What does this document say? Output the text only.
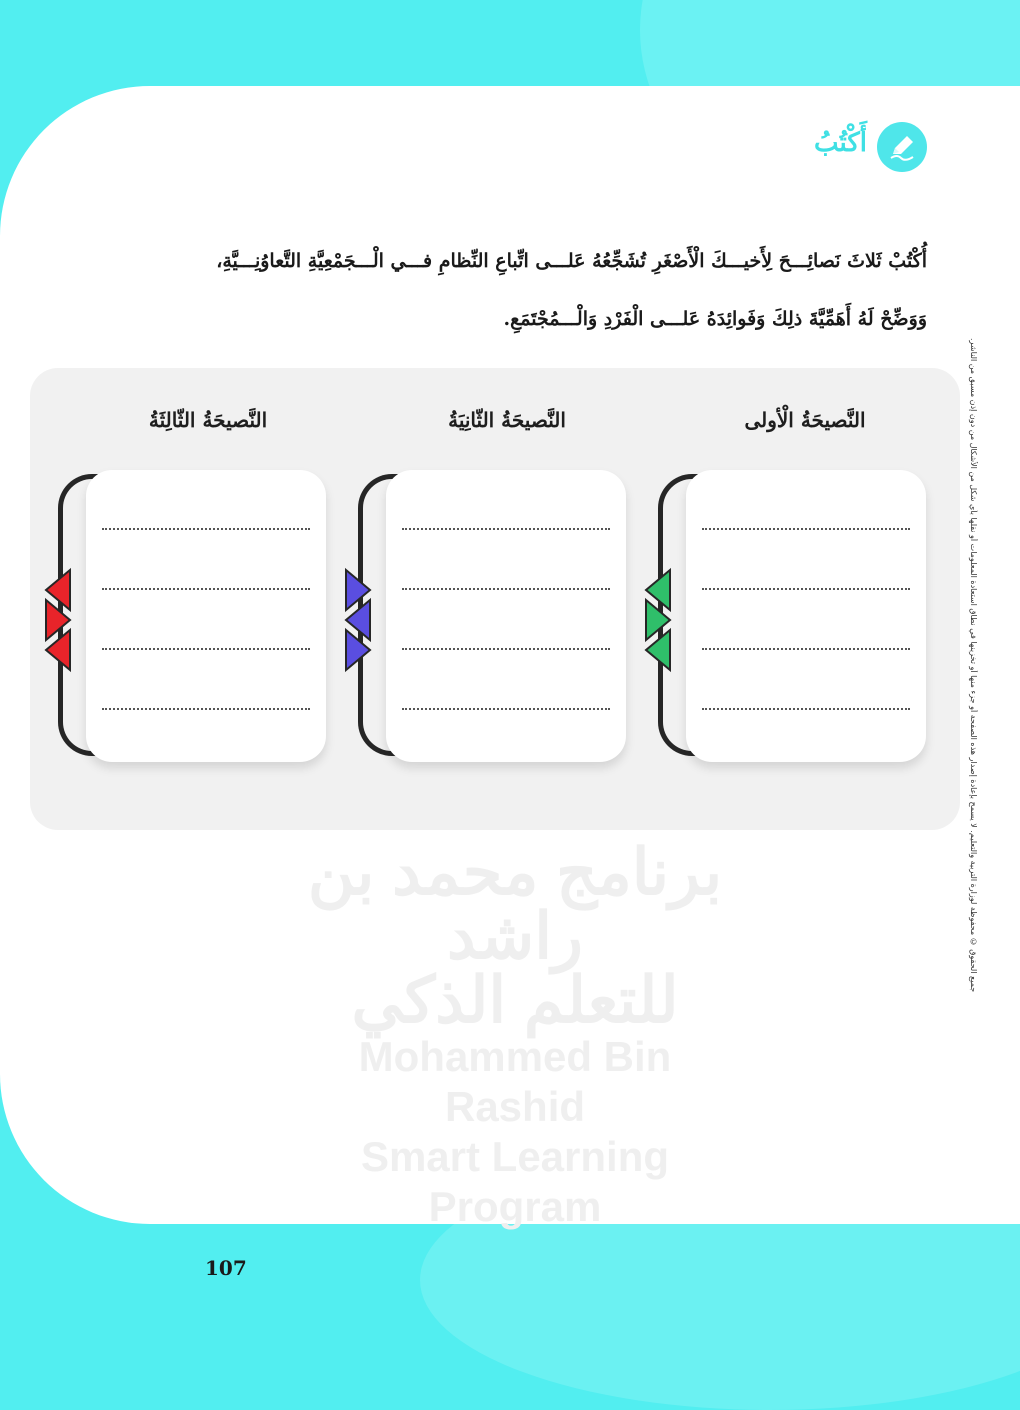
أَكْتُبُ
أُكْتُبْ ثَلاثَ نَصائِـــحَ لِأَخيـــكَ الْأَصْغَرِ تُشَجِّعُهُ عَلـــى اتِّباعِ النِّظامِ فـــي الْـــجَمْعِيَّةِ التَّعاوُنِـــيَّةِ،
وَوَضِّحْ لَهُ أَهَمِّيَّةَ ذلِكَ وَفَوائِدَهُ عَلـــى الْفَرْدِ وَالْـــمُجْتَمَعِ.
برنامج محمد بن راشد
للتعلم الذكي
Mohammed Bin Rashid
Smart Learning Program
النَّصيحَةُ الْأولى
النَّصيحَةُ الثّانِيَةُ
النَّصيحَةُ الثّالِثَةُ	جميع الحقوق © محفوظة لوزارة التربية والتعليم. لا يسمح بإعادة إصدار هذه الصفحة أو جزء منها أو تخزينها في نطاق استعادة المعلومات أو نقلها بأي شكل من الأشكال من دون إذن مسبق من الناشر.
107
